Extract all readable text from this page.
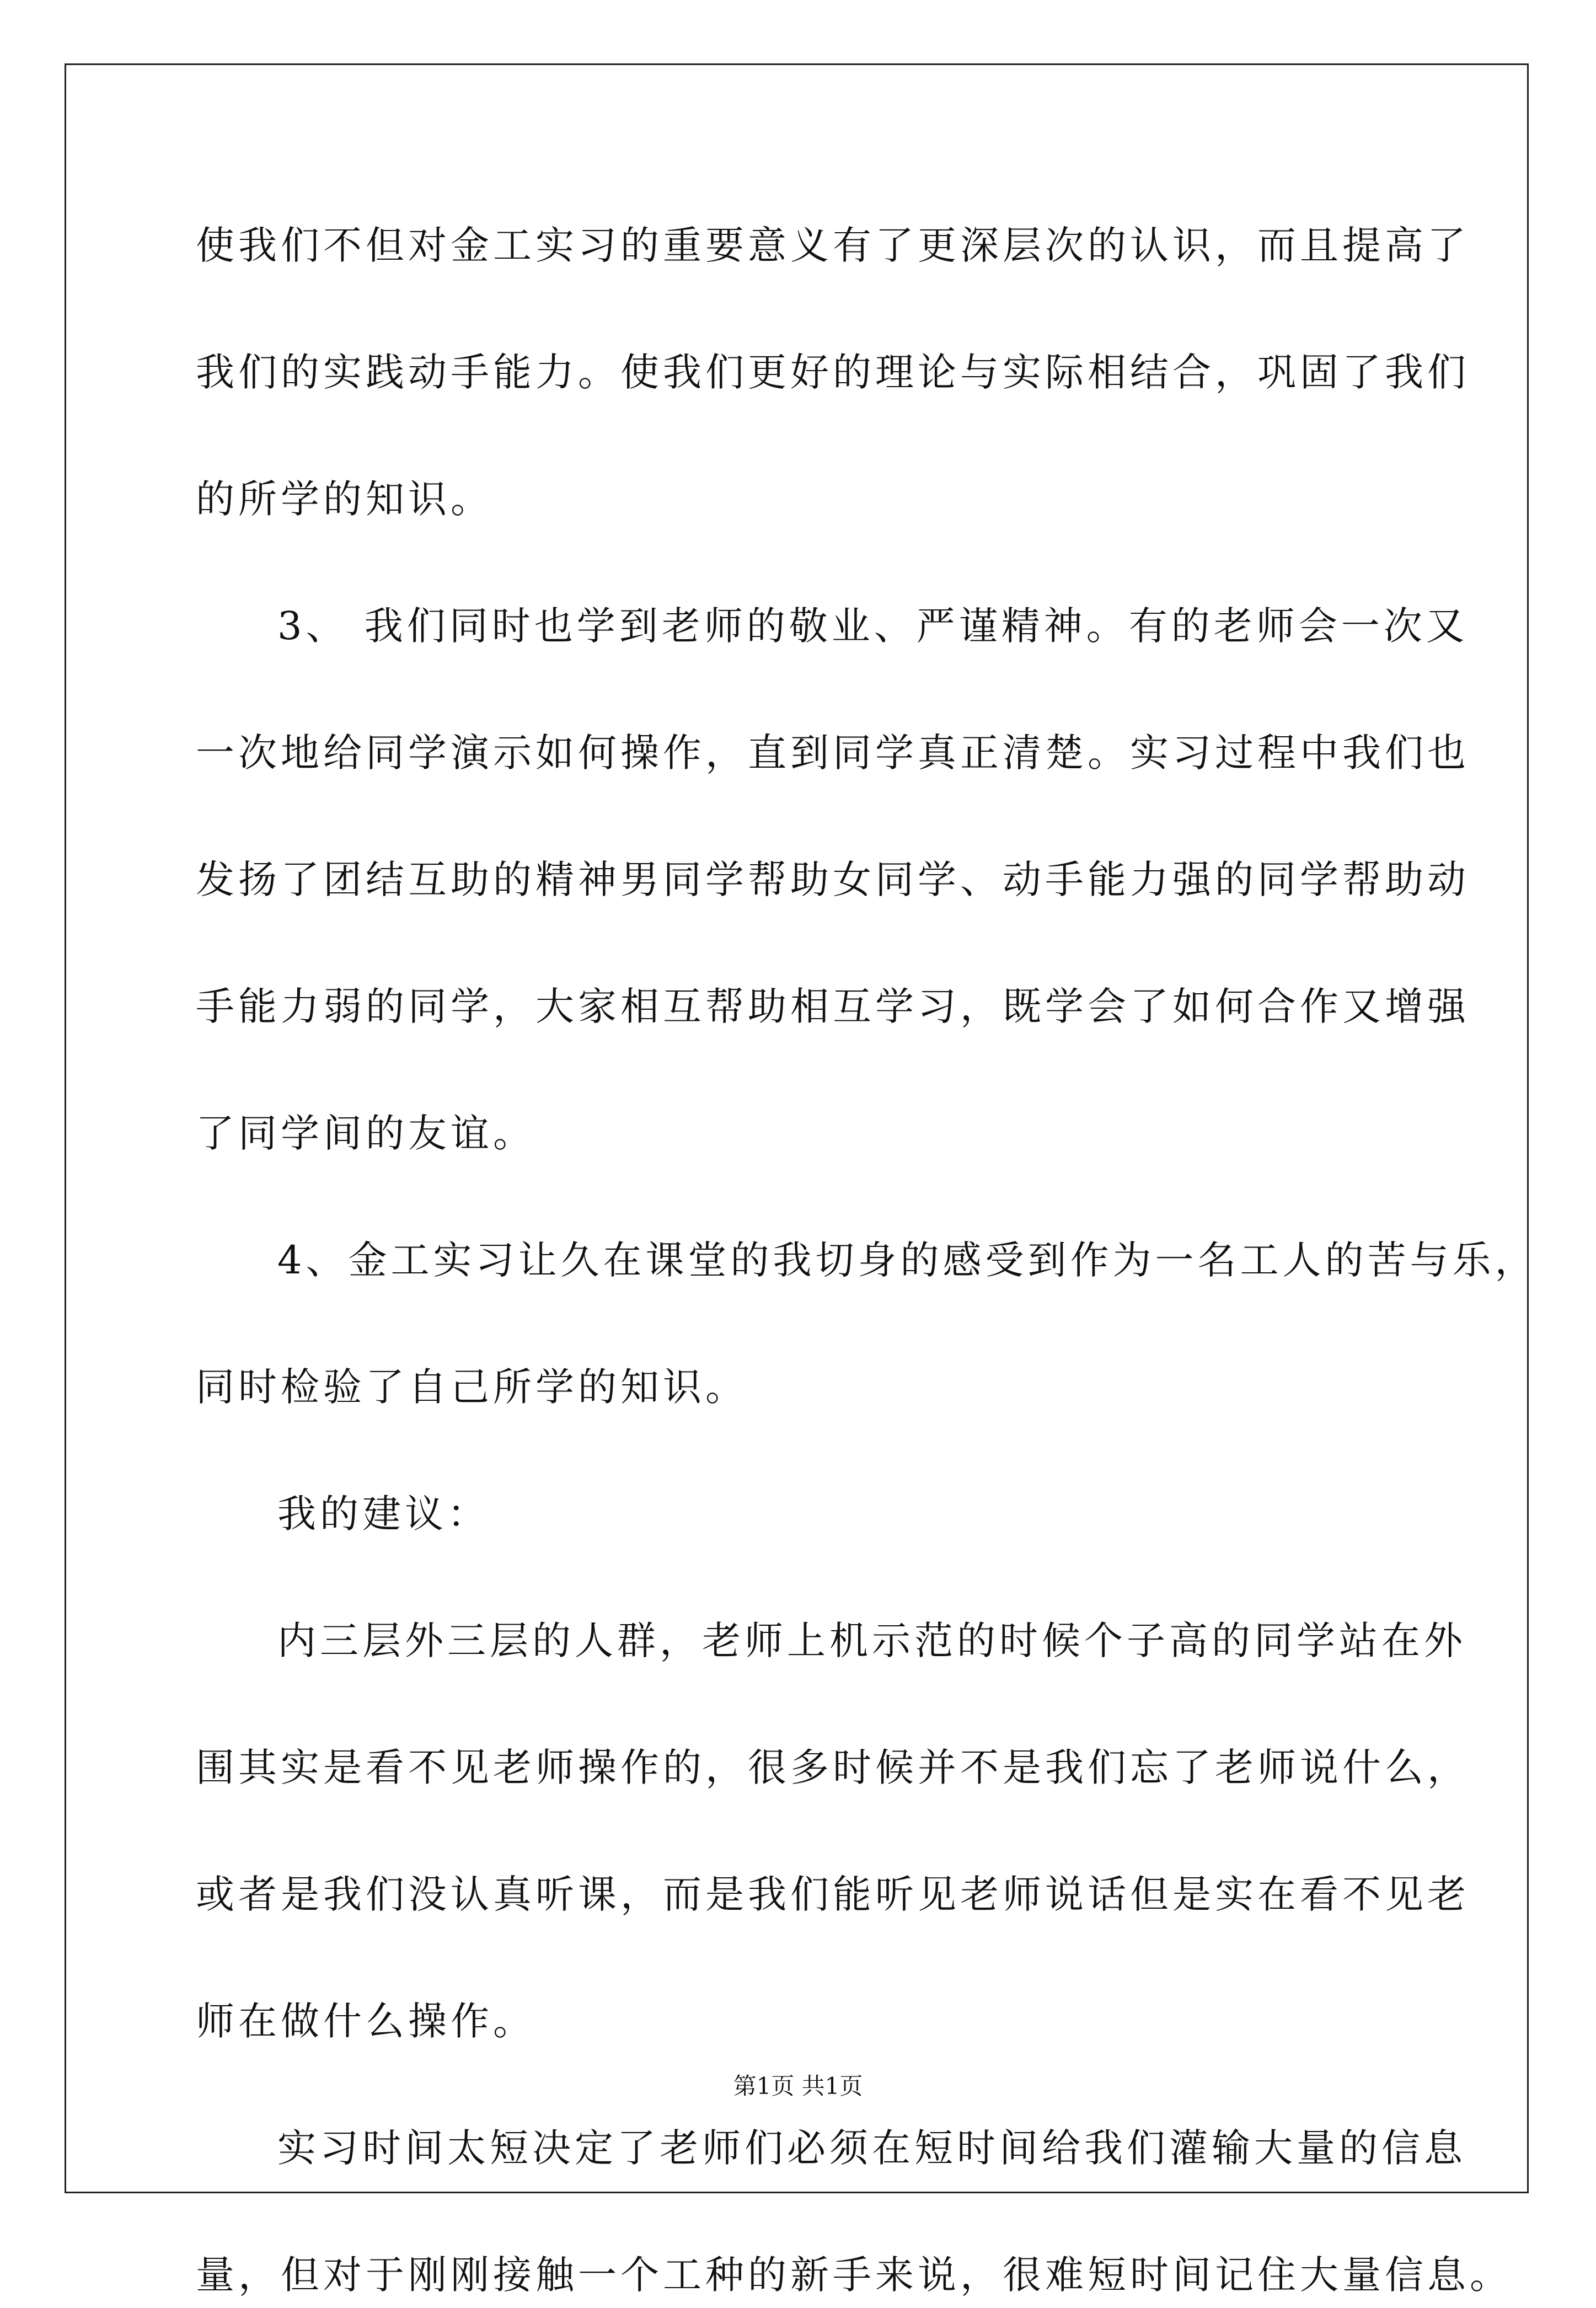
使我们不但对金工实习的重要意义有了更深层次的认识，而且提高了
我们的实践动手能力。使我们更好的理论与实际相结合，巩固了我们
的所学的知识。
3、 我们同时也学到老师的敬业、严谨精神。有的老师会一次又
一次地给同学演示如何操作，直到同学真正清楚。实习过程中我们也
发扬了团结互助的精神男同学帮助女同学、动手能力强的同学帮助动
手能力弱的同学，大家相互帮助相互学习，既学会了如何合作又增强
了同学间的友谊。
4、金工实习让久在课堂的我切身的感受到作为一名工人的苦与乐，
同时检验了自己所学的知识。
我的建议：
内三层外三层的人群，老师上机示范的时候个子高的同学站在外
围其实是看不见老师操作的，很多时候并不是我们忘了老师说什么，
或者是我们没认真听课，而是我们能听见老师说话但是实在看不见老
师在做什么操作。
实习时间太短决定了老师们必须在短时间给我们灌输大量的信息
量，但对于刚刚接触一个工种的新手来说，很难短时间记住大量信息。
第1页 共1页
